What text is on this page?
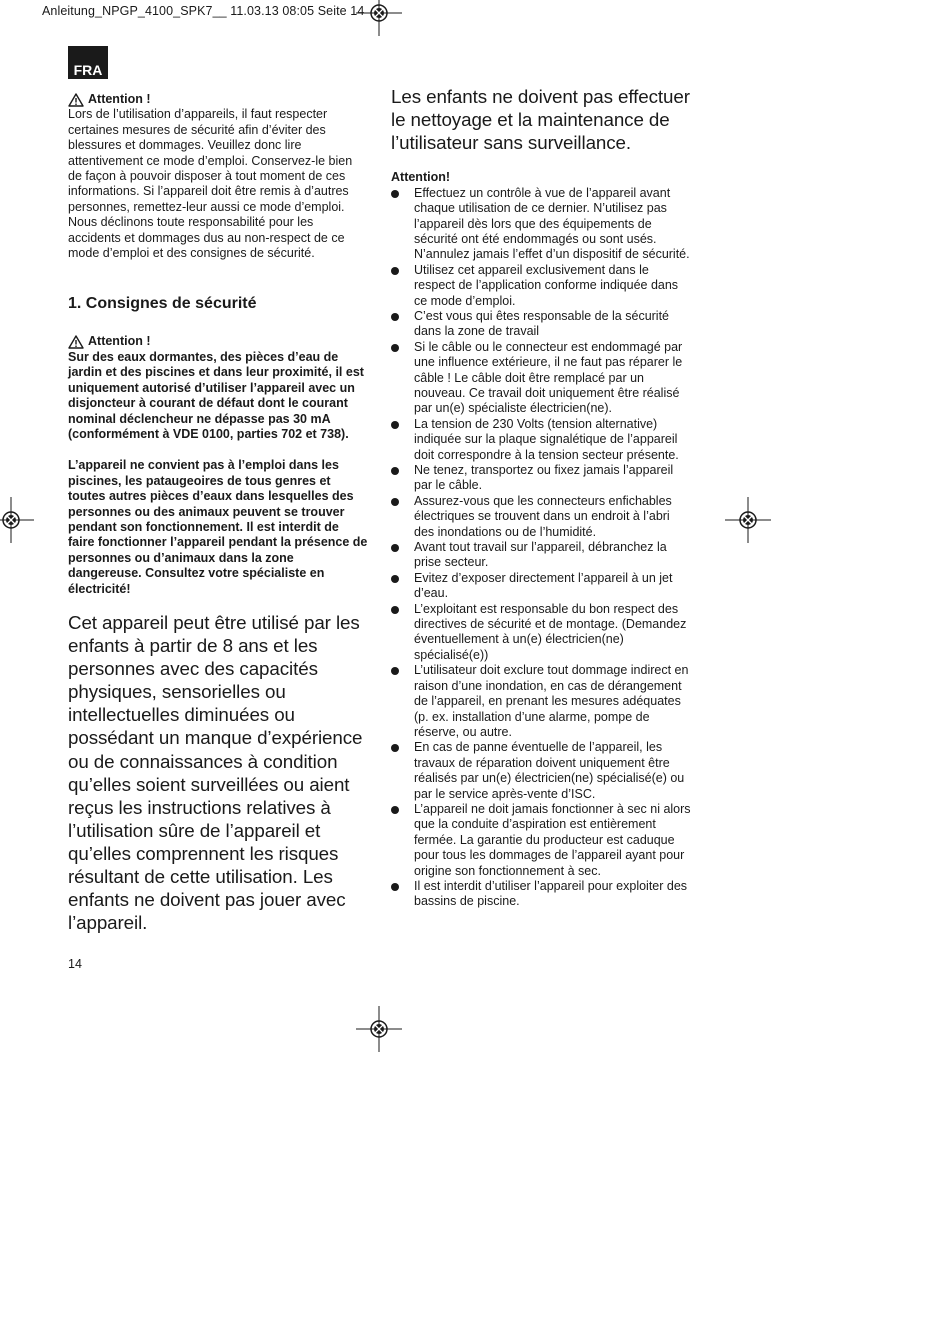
Anleitung_NPGP_4100_SPK7__ 11.03.13 08:05 Seite 14
FRA
Attention !

Lors de l’utilisation d’appareils, il faut respecter certaines mesures de sécurité afin d’éviter des blessures et dommages. Veuillez donc lire attentivement ce mode d’emploi. Conservez-le bien de façon à pouvoir disposer à tout moment de ces informations. Si l’appareil doit être remis à d’autres personnes, remettez-leur aussi ce mode d’emploi. Nous déclinons toute responsabilité pour les accidents et dommages dus au non-respect de ce mode d’emploi et des consignes de sécurité.

1. Consignes de sécurité
Attention !

Sur des eaux dormantes, des pièces d’eau de jardin et des piscines et dans leur proximité, il est uniquement autorisé d’utiliser l’appareil avec un disjoncteur à courant de défaut dont le courant nominal déclencheur ne dépasse pas 30 mA (conformément à VDE 0100, parties 702 et 738).

L’appareil ne convient pas à l’emploi dans les piscines, les pataugeoires de tous genres et toutes autres pièces d’eaux dans lesquelles des personnes ou des animaux peuvent se trouver pendant son fonctionnement. Il est interdit de faire fonctionner l’appareil pendant la présence de personnes ou d’animaux dans la zone dangereuse. Consultez votre spécialiste en électricité!

Cet appareil peut être utilisé par les enfants à partir de 8 ans et les personnes avec des capacités physiques, sensorielles ou intellectuelles diminuées ou possédant un manque d’expérience ou de connaissances à condition qu’elles soient surveillées ou aient reçus les instructions relatives à l’utilisation sûre de l’appareil et qu’elles comprennent les risques résultant de cette utilisation. Les enfants ne doivent pas jouer avec l’appareil.

Les enfants ne doivent pas effectuer le nettoyage et la maintenance de l’utilisateur sans surveillance.

Attention!

Effectuez un contrôle à vue de l’appareil avant chaque utilisation de ce dernier. N’utilisez pas l’appareil dès lors que des équipements de sécurité ont été endommagés ou sont usés. N’annulez jamais l’effet d’un dispositif de sécurité.
Utilisez cet appareil exclusivement dans le respect de l’application conforme indiquée dans ce mode d’emploi.
C’est vous qui êtes responsable de la sécurité dans la zone de travail
Si le câble ou le connecteur est endommagé par une influence extérieure, il ne faut pas réparer le câble ! Le câble doit être remplacé par un nouveau. Ce travail doit uniquement être réalisé par un(e) spécialiste électricien(ne).
La tension de 230 Volts (tension alternative) indiquée sur la plaque signalétique de l’appareil doit correspondre à la tension secteur présente.
Ne tenez, transportez ou fixez jamais l’appareil par le câble.
Assurez-vous que les connecteurs enfichables électriques se trouvent dans un endroit à l’abri des inondations ou de l’humidité.
Avant tout travail sur l’appareil, débranchez la prise secteur.
Evitez d’exposer directement l’appareil à un jet d’eau.
L’exploitant est responsable du bon respect des directives de sécurité et de montage. (Demandez éventuellement à un(e) électricien(ne) spécialisé(e))
L’utilisateur doit exclure tout dommage indirect en raison d’une inondation, en cas de dérangement de l’appareil, en prenant les mesures adéquates (p. ex. installation d’une alarme, pompe de réserve, ou autre.
En cas de panne éventuelle de l’appareil, les travaux de réparation doivent uniquement être réalisés par un(e) électricien(ne) spécialisé(e) ou par le service après-vente d’ISC.
L’appareil ne doit jamais fonctionner à sec ni alors que la conduite d’aspiration est entièrement fermée. La garantie du producteur est caduque pour tous les dommages de l’appareil ayant pour origine son fonctionnement à sec.
Il est interdit d’utiliser l’appareil pour exploiter des bassins de piscine.
14
